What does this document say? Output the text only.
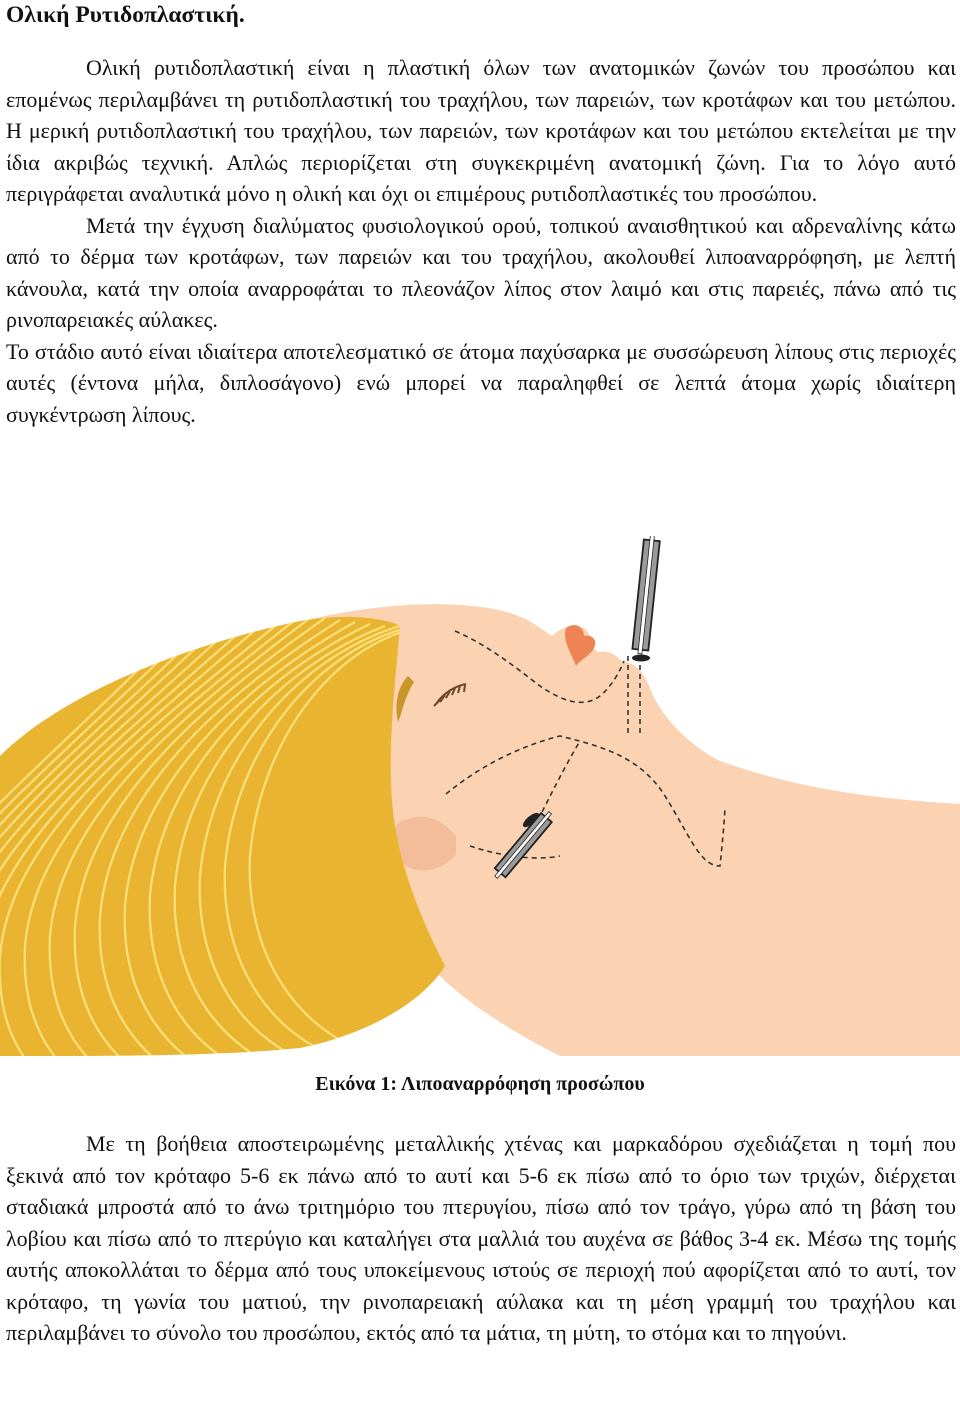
Ολική Ρυτιδοπλαστική.

Ολική ρυτιδοπλαστική είναι η πλαστική όλων των ανατομικών ζωνών του προσώπου και επομένως περιλαμβάνει τη ρυτιδοπλαστική του τραχήλου, των παρειών, των κροτάφων και του μετώπου. Η μερική ρυτιδοπλαστική του τραχήλου, των παρειών, των κροτάφων και του μετώπου εκτελείται με την ίδια ακριβώς τεχνική. Απλώς περιορίζεται στη συγκεκριμένη ανατομική ζώνη. Για το λόγο αυτό περιγράφεται αναλυτικά μόνο η ολική και όχι οι επιμέρους ρυτιδοπλαστικές του προσώπου.

Μετά την έγχυση διαλύματος φυσιολογικού ορού, τοπικού αναισθητικού και αδρεναλίνης κάτω από το δέρμα των κροτάφων, των παρειών και του τραχήλου, ακολουθεί λιποαναρρόφηση, με λεπτή κάνουλα, κατά την οποία αναρροφάται το πλεονάζον λίπος στον λαιμό και στις παρειές, πάνω από τις ρινοπαρειακές αύλακες.

Το στάδιο αυτό είναι ιδιαίτερα αποτελεσματικό σε άτομα παχύσαρκα με συσσώρευση λίπους στις περιοχές αυτές (έντονα μήλα, διπλοσάγονο) ενώ μπορεί να παραληφθεί σε λεπτά άτομα χωρίς ιδιαίτερη συγκέντρωση λίπους.

Εικόνα 1: Λιποαναρρόφηση προσώπου

Με τη βοήθεια αποστειρωμένης μεταλλικής χτένας και μαρκαδόρου σχεδιάζεται η τομή που ξεκινά από τον κρόταφο 5-6 εκ πάνω από το αυτί και 5-6 εκ πίσω από το όριο των τριχών, διέρχεται σταδιακά μπροστά από το άνω τριτημόριο του πτερυγίου, πίσω από τον τράγο, γύρω από τη βάση του λοβίου και πίσω από το πτερύγιο και καταλήγει στα μαλλιά του αυχένα σε βάθος 3-4 εκ. Μέσω της τομής αυτής αποκολλάται το δέρμα από τους υποκείμενους ιστούς σε περιοχή πού αφορίζεται από το αυτί, τον κρόταφο, τη γωνία του ματιού, την ρινοπαρειακή αύλακα και τη μέση γραμμή του τραχήλου και περιλαμβάνει το σύνολο του προσώπου, εκτός από τα μάτια, τη μύτη, το στόμα και το πηγούνι.
